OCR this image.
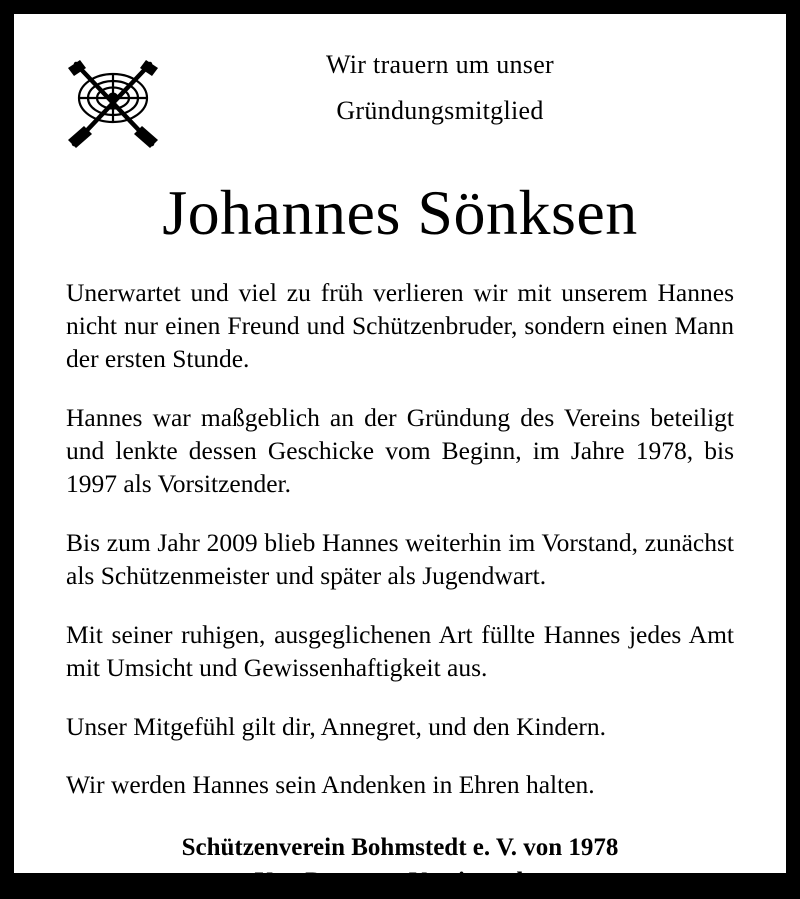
Wir trauern um unser
Gründungsmitglied
Johannes Sönksen

Unerwartet und viel zu früh verlieren wir mit unserem Hannes nicht nur einen Freund und Schützenbruder, sondern einen Mann der ersten Stunde.

Hannes war maßgeblich an der Gründung des Vereins beteiligt und lenkte dessen Geschicke vom Beginn, im Jahre 1978, bis 1997 als Vorsitzender.

Bis zum Jahr 2009 blieb Hannes weiterhin im Vorstand, zunächst als Schützenmeister und später als Jugendwart.

Mit seiner ruhigen, ausgeglichenen Art füllte Hannes jedes Amt mit Umsicht und Gewissenhaftigkeit aus.

Unser Mitgefühl gilt dir, Annegret, und den Kindern.

Wir werden Hannes sein Andenken in Ehren halten.

Schützenverein Bohmstedt e. V. von 1978
Kay Petersen, Vorsitzender
